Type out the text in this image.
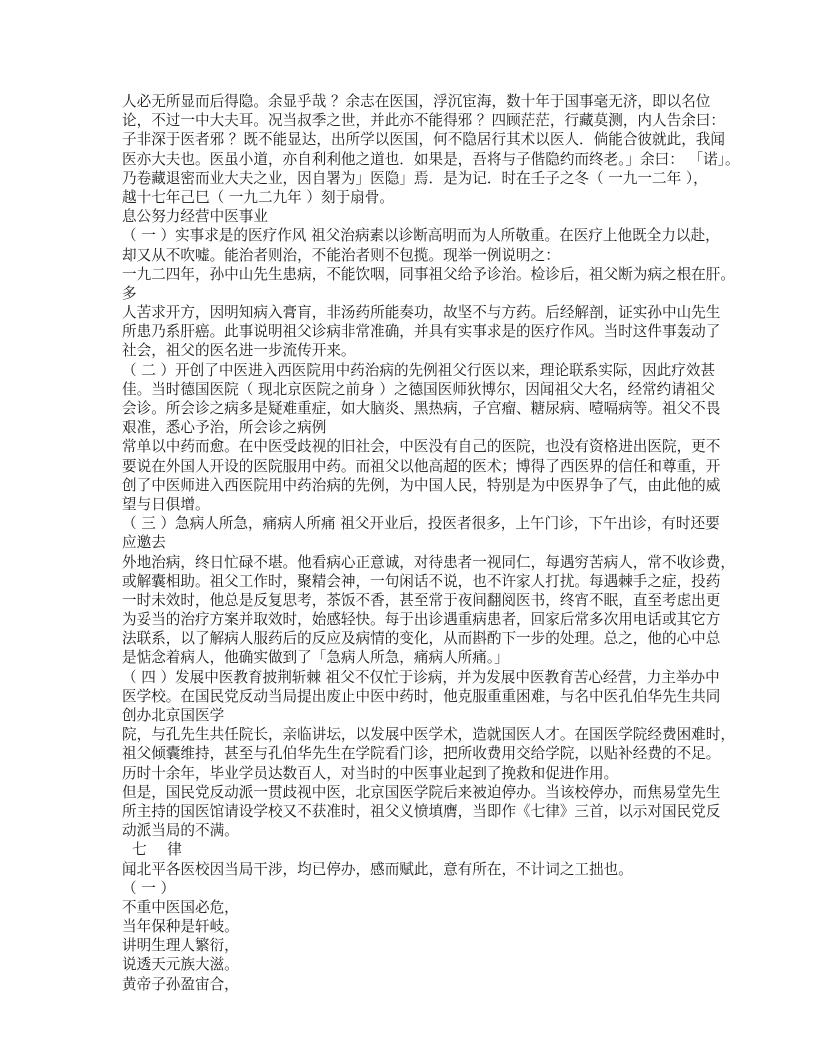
人必无所显而后得隐。余显乎哉 ？余志在医国，浮沉宦海，数十年于国事毫无济，即以名位
论，不过一中大夫耳。况当叔季之世，并此亦不能得邪 ？四顾茫茫，行藏莫测，内人告余曰：
子非深于医者邪 ？既不能显达，出所学以医国，何不隐居行其术以医人．倘能合彼就此，我闻
医亦大夫也。医虽小道，亦自利利他之道也．如果是，吾将与子偕隐约而终老。」余曰： 「诺」。
乃卷藏退密而业大夫之业，因自署为」医隐」焉．是为记．时在壬子之冬（ 一九一二年 ），
越十七年己巳（ 一九二九年 ）刻于扇骨。
息公努力经营中医事业
（ 一 ）实事求是的医疗作风 祖父治病素以诊断高明而为人所敬重。在医疗上他既全力以赴，
却又从不吹嘘。能治者则治，不能治者则不包揽。现举一例说明之：
一九二四年，孙中山先生患病，不能饮咽，同事祖父给予诊治。检诊后，祖父断为病之根在肝。
多
人苦求开方，因明知病入膏肓，非汤药所能奏功，故坚不与方药。后经解剖，证实孙中山先生
所患乃系肝癌。此事说明祖父诊病非常准确，并具有实事求是的医疗作风。当时这件事轰动了
社会，祖父的医名进一步流传开来。
（ 二 ）开创了中医进入西医院用中药治病的先例祖父行医以来，理论联系实际，因此疗效甚
佳。当时德国医院（ 现北京医院之前身 ）之德国医师狄博尔，因闻祖父大名，经常约请祖父
会诊。所会诊之病多是疑难重症，如大脑炎、黑热病，子宫瘤、糖尿病、噎嗝病等。祖父不畏
艰准，悉心予治，所会诊之病例
常单以中药而愈。在中医受歧视的旧社会，中医没有自己的医院，也没有资格进出医院，更不
要说在外国人开设的医院服用中药。而祖父以他高超的医术；博得了西医界的信任和尊重，开
创了中医师进入西医院用中药治病的先例，为中国人民，特别是为中医界争了气，由此他的威
望与日俱增。
（ 三 ）急病人所急，痛病人所痛 祖父开业后，投医者很多，上午门诊，下午出诊，有时还要
应邀去
外地治病，终日忙碌不堪。他看病心正意诚，对待患者一视同仁，每遇穷苦病人，常不收诊费，
或解囊相助。祖父工作时，聚精会神，一句闲话不说，也不许家人打扰。每遇棘手之症，投药
一时未效时，他总是反复思考，茶饭不香，甚至常于夜间翻阅医书，终宵不眠，直至考虑出更
为妥当的治疗方案并取效时，始感轻快。每于出诊遇重病患者，回家后常多次用电话或其它方
法联系，以了解病人服药后的反应及病情的变化，从而斟酌下一步的处理。总之，他的心中总
是惦念着病人，他确实做到了「急病人所急，痛病人所痛。」
（ 四 ）发展中医教育披荆斩棘 祖父不仅忙于诊病，并为发展中医教育苦心经营，力主举办中
医学校。在国民党反动当局提出废止中医中药时，他克服重重困难，与名中医孔伯华先生共同
创办北京国医学
院，与孔先生共任院长，亲临讲坛，以发展中医学术，造就国医人才。在国医学院经费困难时，
祖父倾囊维持，甚至与孔伯华先生在学院看门诊，把所收费用交给学院，以贴补经费的不足。
历时十余年，毕业学员达数百人，对当时的中医事业起到了挽救和促进作用。
但是，国民党反动派一贯歧视中医，北京国医学院后来被迫停办。当该校停办，而焦易堂先生
所主持的国医馆请设学校又不获准时，祖父义愤填膺，当即作《七律》三首，以示对国民党反
动派当局的不满。
七 律
闻北平各医校因当局干涉，均已停办，感而赋此，意有所在，不计词之工拙也。
（ 一 ）
不重中医国必危，
当年保种是轩岐。
讲明生理人繁衍，
说透天元族大滋。
黄帝子孙盈宙合，
